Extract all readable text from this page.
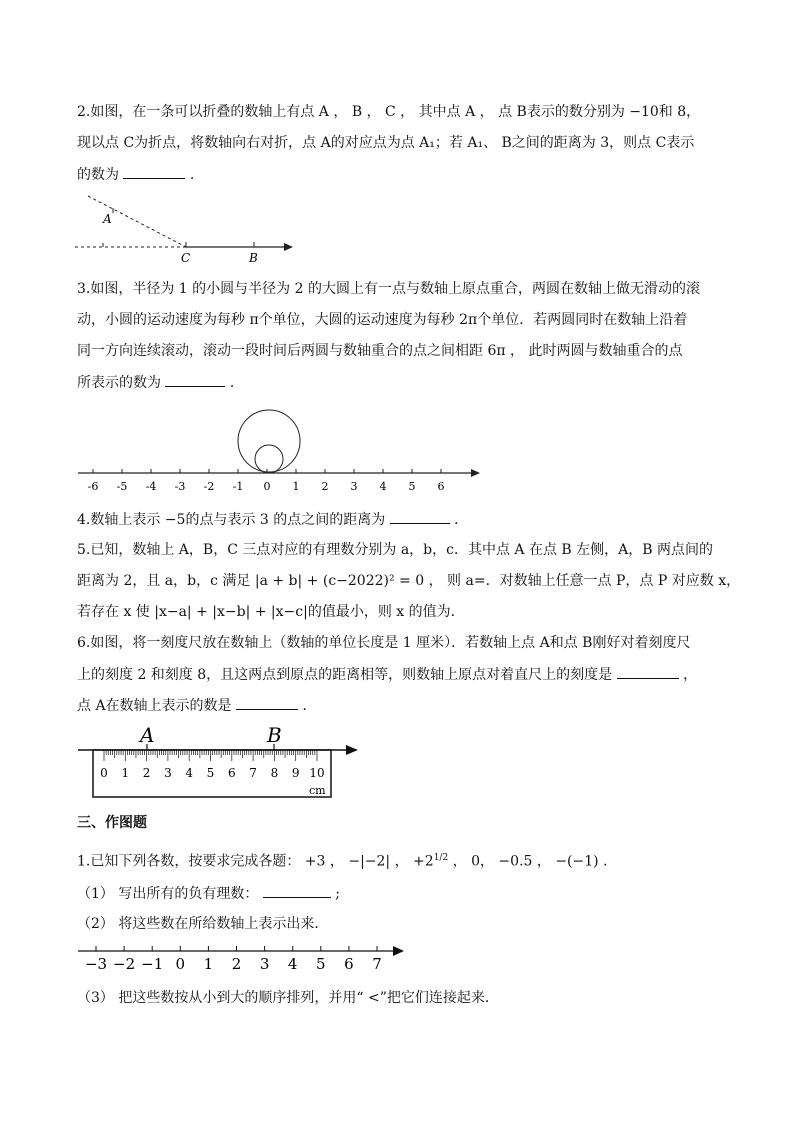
2.如图，在一条可以折叠的数轴上有点 A ， B ， C ， 其中点 A ， 点 B表示的数分别为 −10和 8，
现以点 C为折点，将数轴向右对折，点 A的对应点为点 A₁；若 A₁、 B之间的距离为 3，则点 C表示
的数为	.
A
C	B
3.如图，半径为 1 的小圆与半径为 2 的大圆上有一点与数轴上原点重合，两圆在数轴上做无滑动的滚
动，小圆的运动速度为每秒 π个单位，大圆的运动速度为每秒 2π个单位．若两圆同时在数轴上沿着
同一方向连续滚动，滚动一段时间后两圆与数轴重合的点之间相距 6π ， 此时两圆与数轴重合的点
所表示的数为	．
-6 -5 -4 -3 -2 -1 0 1 2 3 4 5 6
4.数轴上表示 −5的点与表示 3 的点之间的距离为	．
5.已知，数轴上 A，B，C 三点对应的有理数分别为 a，b，c．其中点 A 在点 B 左侧，A，B 两点间的
距离为 2，且 a，b，c 满足 |a + b| + (c−2022)² = 0 ， 则 a=．对数轴上任意一点 P，点 P 对应数 x，
若存在 x 使 |x−a| + |x−b| + |x−c|的值最小，则 x 的值为．
6.如图，将一刻度尺放在数轴上（数轴的单位长度是 1 厘米）．若数轴上点 A和点 B刚好对着刻度尺
上的刻度 2 和刻度 8，且这两点到原点的距离相等，则数轴上原点对着直尺上的刻度是	，
点 A在数轴上表示的数是	．
0 1 2 3 4 5 6 7 8 9 10
A	B
cm
三、作图题
1.已知下列各数，按要求完成各题： +3 ， −|−2| ， $+2^{1/2}$ ， 0， −0.5 ， −(−1) ．
（1） 写出所有的负有理数：	;
（2） 将这些数在所给数轴上表示出来．
−3 −2 −1 0 1 2 3 4 5 6 7
（3） 把这些数按从小到大的顺序排列，并用“ <”把它们连接起来．
